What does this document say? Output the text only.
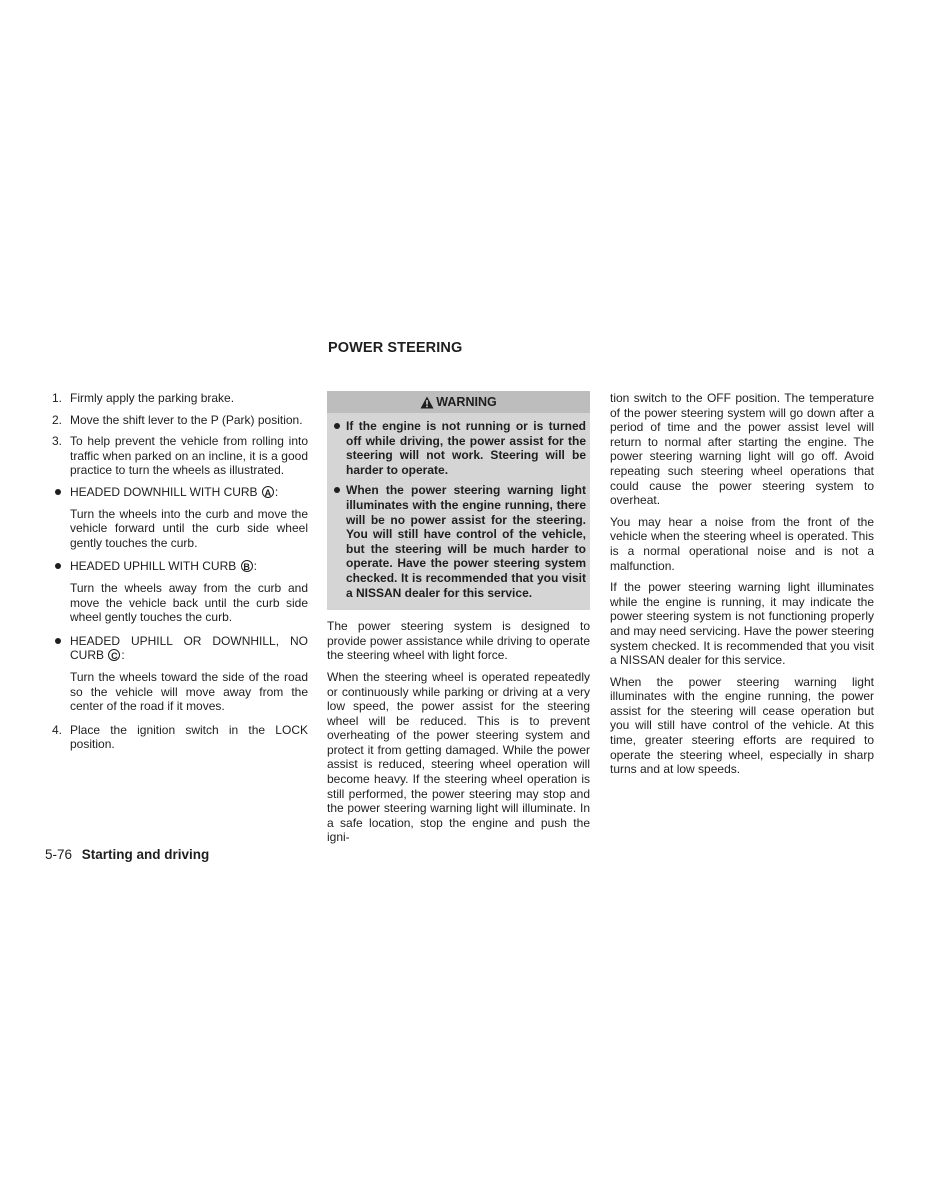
POWER STEERING
1. Firmly apply the parking brake.
2. Move the shift lever to the P (Park) position.
3. To help prevent the vehicle from rolling into traffic when parked on an incline, it is a good practice to turn the wheels as illustrated.
HEADED DOWNHILL WITH CURB A :
Turn the wheels into the curb and move the vehicle forward until the curb side wheel gently touches the curb.
HEADED UPHILL WITH CURB B :
Turn the wheels away from the curb and move the vehicle back until the curb side wheel gently touches the curb.
HEADED UPHILL OR DOWNHILL, NO CURB C :
Turn the wheels toward the side of the road so the vehicle will move away from the center of the road if it moves.
4. Place the ignition switch in the LOCK position.
WARNING
If the engine is not running or is turned off while driving, the power assist for the steering will not work. Steering will be harder to operate.
When the power steering warning light illuminates with the engine running, there will be no power assist for the steering. You will still have control of the vehicle, but the steering will be much harder to operate. Have the power steering system checked. It is recommended that you visit a NISSAN dealer for this service.

The power steering system is designed to provide power assistance while driving to operate the steering wheel with light force.

When the steering wheel is operated repeatedly or continuously while parking or driving at a very low speed, the power assist for the steering wheel will be reduced. This is to prevent overheating of the power steering system and protect it from getting damaged. While the power assist is reduced, steering wheel operation will become heavy. If the steering wheel operation is still performed, the power steering may stop and the power steering warning light will illuminate. In a safe location, stop the engine and push the igni-

tion switch to the OFF position. The temperature of the power steering system will go down after a period of time and the power assist level will return to normal after starting the engine. The power steering warning light will go off. Avoid repeating such steering wheel operations that could cause the power steering system to overheat.

You may hear a noise from the front of the vehicle when the steering wheel is operated. This is a normal operational noise and is not a malfunction.

If the power steering warning light illuminates while the engine is running, it may indicate the power steering system is not functioning properly and may need servicing. Have the power steering system checked. It is recommended that you visit a NISSAN dealer for this service.

When the power steering warning light illuminates with the engine running, the power assist for the steering will cease operation but you will still have control of the vehicle. At this time, greater steering efforts are required to operate the steering wheel, especially in sharp turns and at low speeds.

5-76 Starting and driving
